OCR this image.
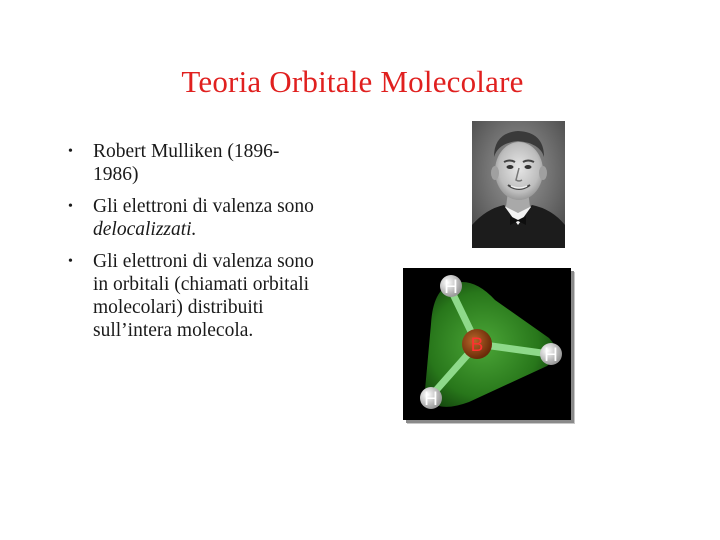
Teoria Orbitale Molecolare
• Robert Mulliken (1896-
1986)
• Gli elettroni di valenza sono
delocalizzati.
• Gli elettroni di valenza sono
in orbitali (chiamati orbitali
molecolari) distribuiti
sull’intera molecola.
B
H
H
H
